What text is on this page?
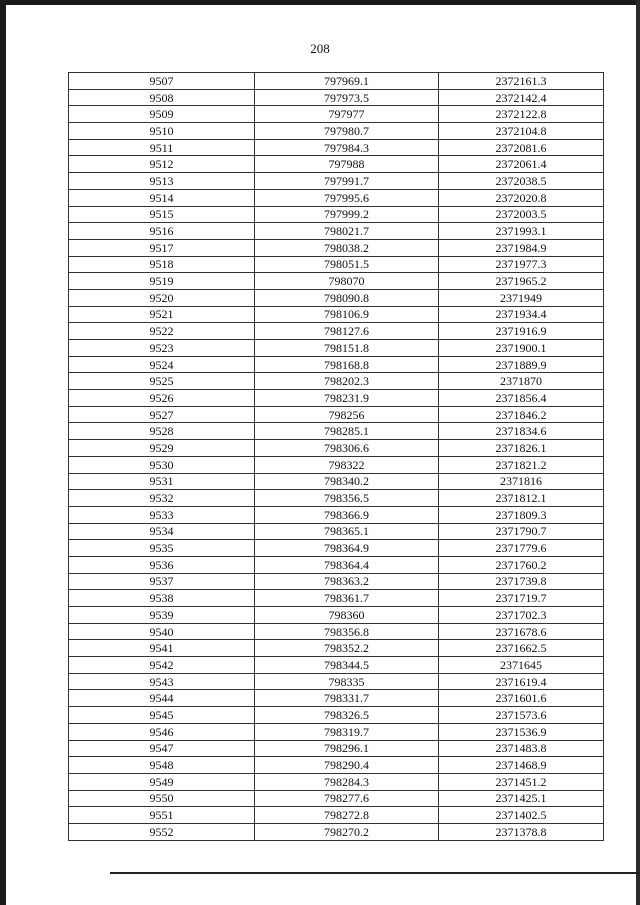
208
9507	797969.1	2372161.3
9508	797973.5	2372142.4
9509	797977	2372122.8
9510	797980.7	2372104.8
9511	797984.3	2372081.6
9512	797988	2372061.4
9513	797991.7	2372038.5
9514	797995.6	2372020.8
9515	797999.2	2372003.5
9516	798021.7	2371993.1
9517	798038.2	2371984.9
9518	798051.5	2371977.3
9519	798070	2371965.2
9520	798090.8	2371949
9521	798106.9	2371934.4
9522	798127.6	2371916.9
9523	798151.8	2371900.1
9524	798168.8	2371889.9
9525	798202.3	2371870
9526	798231.9	2371856.4
9527	798256	2371846.2
9528	798285.1	2371834.6
9529	798306.6	2371826.1
9530	798322	2371821.2
9531	798340.2	2371816
9532	798356.5	2371812.1
9533	798366.9	2371809.3
9534	798365.1	2371790.7
9535	798364.9	2371779.6
9536	798364.4	2371760.2
9537	798363.2	2371739.8
9538	798361.7	2371719.7
9539	798360	2371702.3
9540	798356.8	2371678.6
9541	798352.2	2371662.5
9542	798344.5	2371645
9543	798335	2371619.4
9544	798331.7	2371601.6
9545	798326.5	2371573.6
9546	798319.7	2371536.9
9547	798296.1	2371483.8
9548	798290.4	2371468.9
9549	798284.3	2371451.2
9550	798277.6	2371425.1
9551	798272.8	2371402.5
9552	798270.2	2371378.8
